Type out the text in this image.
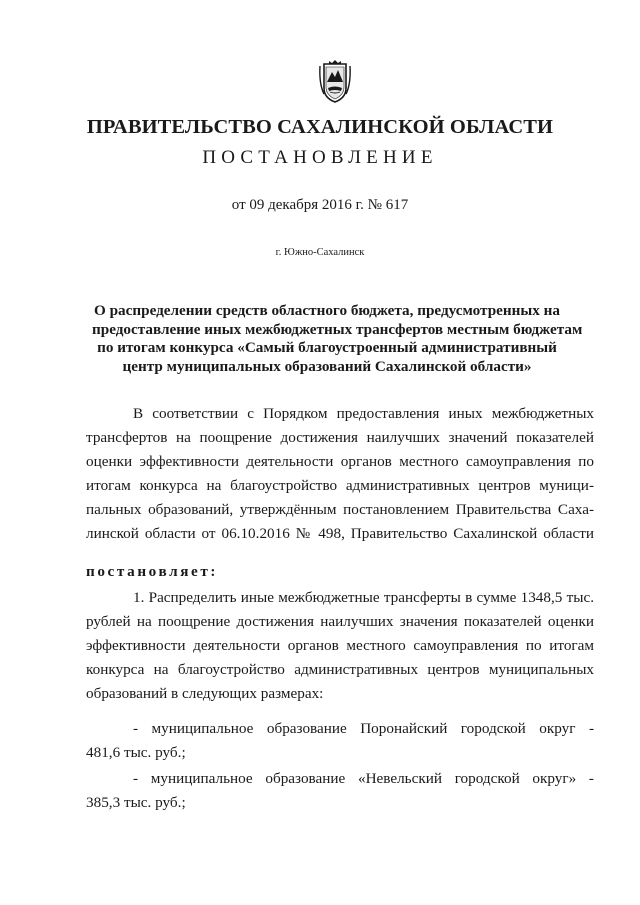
ПРАВИТЕЛЬСТВО САХАЛИНСКОЙ ОБЛАСТИ
ПОСТАНОВЛЕНИЕ
от 09 декабря 2016 г. № 617
г. Южно-Сахалинск
О распределении средств областного бюджета, предусмотренных на
предоставление иных межбюджетных трансфертов местным бюджетам
по итогам конкурса «Самый благоустроенный административный
центр муниципальных образований Сахалинской области»
В соответствии с Порядком предоставления иных межбюджетных
трансфертов на поощрение достижения наилучших значений показателей
оценки эффективности деятельности органов местного самоуправления по
итогам конкурса на благоустройство административных центров муници-
пальных образований, утверждённым постановлением Правительства Саха-
линской области от 06.10.2016 № 498, Правительство Сахалинской области
постановляет:
1. Распределить иные межбюджетные трансферты в сумме 1348,5 тыс.
рублей на поощрение достижения наилучших значения показателей оценки
эффективности деятельности органов местного самоуправления по итогам
конкурса на благоустройство административных центров муниципальных
образований в следующих размерах:
- муниципальное образование Поронайский городской округ -
481,6 тыс. руб.;
- муниципальное образование «Невельский городской округ» -
385,3 тыс. руб.;
